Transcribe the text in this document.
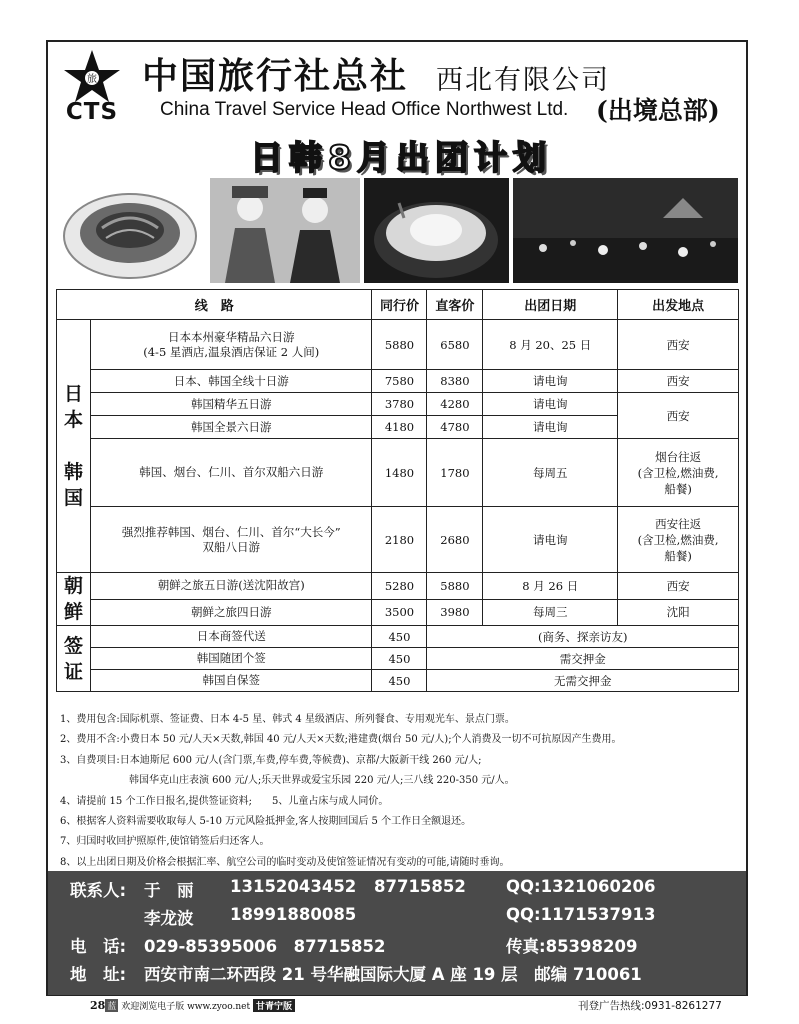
旅
CTS
中国旅行社总社 西北有限公司
China Travel Service Head Office Northwest Ltd. (出境总部)
日韩8月出团计划
线　路		同行价	直客价	出团日期	出发地点
日
本

韩
国	日本本州豪华精品六日游
(4-5 星酒店,温泉酒店保证 2 人间)	5880	6580	8 月 20、25 日	西安
	日本、韩国全线十日游	7580	8380	请电询	西安
	韩国精华五日游	3780	4280	请电询	西安
	韩国全景六日游	4180	4780	请电询	
	韩国、烟台、仁川、首尔双船六日游	1480	1780	每周五	烟台往返
(含卫检,燃油费,
船餐)
	强烈推荐韩国、烟台、仁川、首尔“大长今”
双船八日游	2180	2680	请电询	西安往返
(含卫检,燃油费,
船餐)
朝
鲜	朝鲜之旅五日游(送沈阳故宫)	5280	5880	8 月 26 日	西安
	朝鲜之旅四日游	3500	3980	每周三	沈阳
签
证	日本商签代送	450	(商务、探亲访友)		
	韩国随团个签	450	需交押金		
	韩国自保签	450	无需交押金		
1、费用包含:国际机票、签证费、日本 4-5 星、韩式 4 星级酒店、所列餐食、专用观光车、景点门票。
2、费用不含:小费日本 50 元/人天×天数,韩国 40 元/人天×天数;港建费(烟台 50 元/人);个人消费及一切不可抗原因产生费用。
3、自费项目:日本迪斯尼 600 元/人(含门票,车费,停车费,等候费)、京都/大阪新干线 260 元/人;
韩国华克山庄表演 600 元/人;乐天世界或爱宝乐园 220 元/人;三八线 220-350 元/人。
4、请提前 15 个工作日报名,提供签证资料;　　5、儿童占床与成人同价。
6、根据客人资料需要收取每人 5-10 万元风险抵押金,客人按期回国后 5 个工作日全额退还。
7、归国时收回护照原件,使馆销签后归还客人。
8、以上出团日期及价格会根据汇率、航空公司的临时变动及使馆签证情况有变动的可能,请随时垂询。
联系人: 于　丽 13152043452 87715852 QQ:1321060206
李龙波 18991880085	QQ:1171537913
电　话: 029-85395006　87715852	传真:85398209
地　址: 西安市南二环西段 21 号华融国际大厦 A 座 19 层　邮编 710061
28 蓝 欢迎浏览电子版 www.zyoo.net 甘青宁版	刊登广告热线:0931-8261277
